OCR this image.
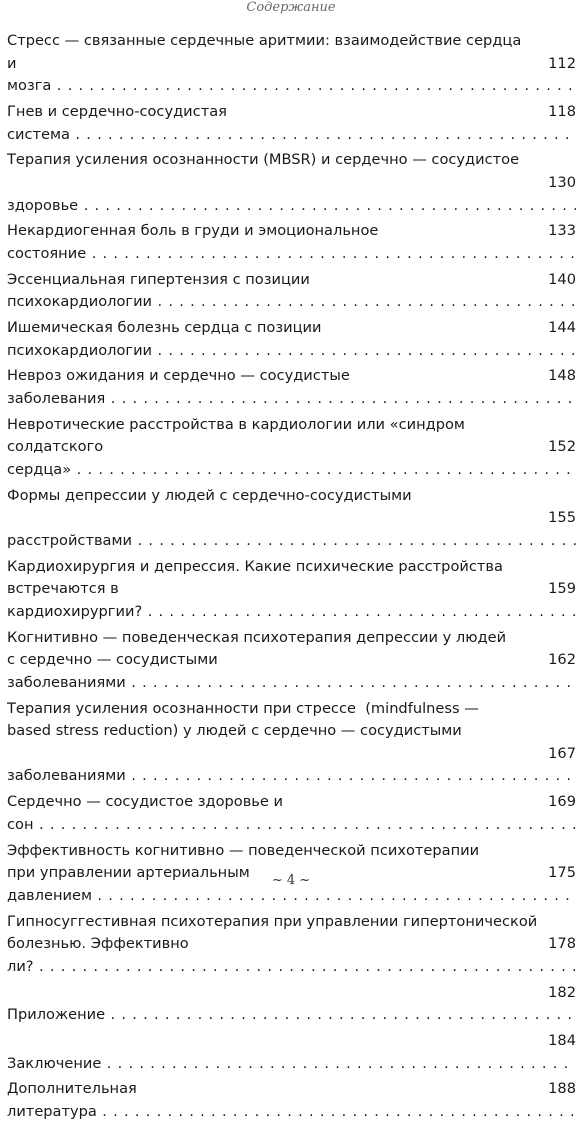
Содержание
Стресс — связанные сердечные аритмии: взаимодействие сердца
112
и мозга . . .
118
Гнев и сердечно-сосудистая система . . .
Терапия усиления осознанности (MBSR) и сердечно — сосудистое
130
здоровье . . .
133
Некардиогенная боль в груди и эмоциональное состояние . . .
140
Эссенциальная гипертензия с позиции психокардиологии . . .
144
Ишемическая болезнь сердца с позиции психокардиологии . . .
148
Невроз ожидания и сердечно — сосудистые заболевания . . .
Невротические расстройства в кардиологии или «синдром
152
солдатского сердца» . . .
Формы депрессии у людей с сердечно-сосудистыми
155
расстройствами . . .
Кардиохирургия и депрессия. Какие психические расстройства
159
встречаются в кардиохирургии? . . .
Когнитивно — поведенческая психотерапия депрессии у людей
162
с сердечно — сосудистыми заболеваниями . . .
Терапия усиления осознанности при стрессе  (mindfulness —
based stress reduction) у людей с сердечно — сосудистыми
167
заболеваниями . . .
169
Сердечно — сосудистое здоровье и сон . . .
Эффективность когнитивно — поведенческой психотерапии
175
при управлении артериальным давлением . . .
Гипносуггестивная психотерапия при управлении гипертонической
178
болезнью. Эффективно ли? . . .
182
Приложение . . .
184
Заключение . . .
188
Дополнительная литература . . .
~ 4 ~
